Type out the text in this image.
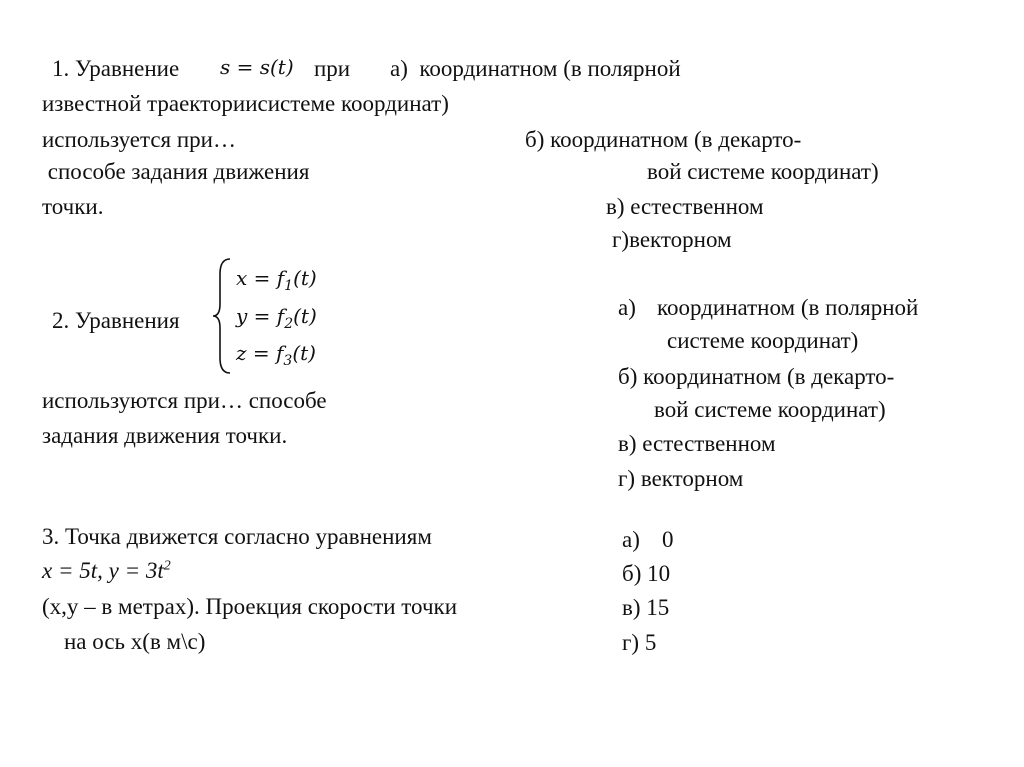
1. Уравнение s = s(t) при а)  координатном (в полярной
известной траекториисистеме координат)
используется при…	б) координатном (в декарто-
способе задания движения	вой системе координат)
точки.	в) естественном
г)векторном
2. Уравнения
$x = f_1(t)$
$y = f_2(t)$
$z = f_3(t)$
используются при… способе
задания движения точки.
а) координатном (в полярной
системе координат)
б) координатном (в декарто-
вой системе координат)
в) естественном
г) векторном
3. Точка движется согласно уравнениям
x = 5t, $y = 3t^2$
(x,y – в метрах). Проекция скорости точки
на ось x(в м\с)
а) 0
б) 10
в) 15
г) 5
